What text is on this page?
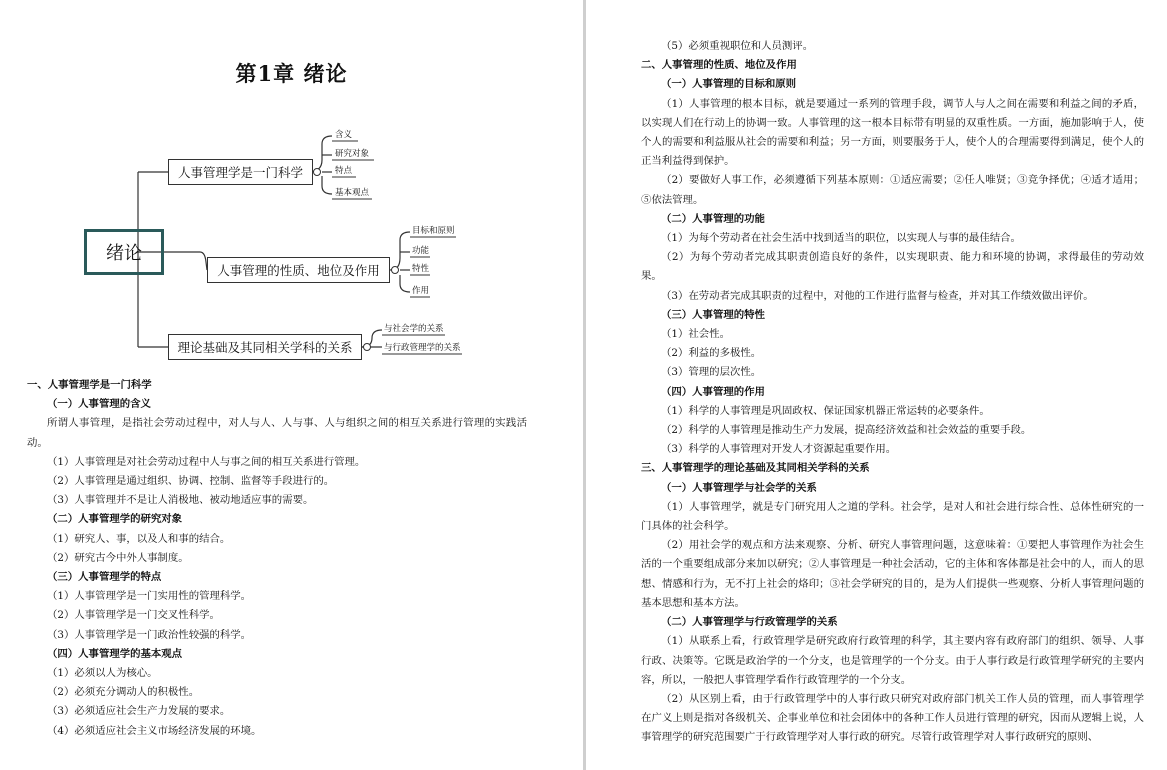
第1章 绪论
绪论
人事管理学是一门科学
人事管理的性质、地位及作用
理论基础及其同相关学科的关系
含义
研究对象
特点
基本观点
目标和原则
功能
特性
作用
与社会学的关系
与行政管理学的关系

一、人事管理学是一门科学

（一）人事管理的含义

所谓人事管理，是指社会劳动过程中，对人与人、人与事、人与组织之间的相互关系进行管理的实践活动。

（1）人事管理是对社会劳动过程中人与事之间的相互关系进行管理。

（2）人事管理是通过组织、协调、控制、监督等手段进行的。

（3）人事管理并不是让人消极地、被动地适应事的需要。

（二）人事管理学的研究对象

（1）研究人、事，以及人和事的结合。

（2）研究古今中外人事制度。

（三）人事管理学的特点

（1）人事管理学是一门实用性的管理科学。

（2）人事管理学是一门交叉性科学。

（3）人事管理学是一门政治性较强的科学。

（四）人事管理学的基本观点

（1）必须以人为核心。

（2）必须充分调动人的积极性。

（3）必须适应社会生产力发展的要求。

（4）必须适应社会主义市场经济发展的环境。

（5）必须重视职位和人员测评。

二、人事管理的性质、地位及作用

（一）人事管理的目标和原则

（1）人事管理的根本目标，就是要通过一系列的管理手段，调节人与人之间在需要和利益之间的矛盾，以实现人们在行动上的协调一致。人事管理的这一根本目标带有明显的双重性质。一方面，施加影响于人，使个人的需要和利益服从社会的需要和利益；另一方面，则要服务于人，使个人的合理需要得到满足，使个人的正当利益得到保护。

（2）要做好人事工作，必须遵循下列基本原则：①适应需要；②任人唯贤；③竞争择优；④适才适用；⑤依法管理。

（二）人事管理的功能

（1）为每个劳动者在社会生活中找到适当的职位，以实现人与事的最佳结合。

（2）为每个劳动者完成其职责创造良好的条件，以实现职责、能力和环境的协调，求得最佳的劳动效果。

（3）在劳动者完成其职责的过程中，对他的工作进行监督与检查，并对其工作绩效做出评价。

（三）人事管理的特性

（1）社会性。

（2）利益的多极性。

（3）管理的层次性。

（四）人事管理的作用

（1）科学的人事管理是巩固政权、保证国家机器正常运转的必要条件。

（2）科学的人事管理是推动生产力发展，提高经济效益和社会效益的重要手段。

（3）科学的人事管理对开发人才资源起重要作用。

三、人事管理学的理论基础及其同相关学科的关系

（一）人事管理学与社会学的关系

（1）人事管理学，就是专门研究用人之道的学科。社会学，是对人和社会进行综合性、总体性研究的一门具体的社会科学。

（2）用社会学的观点和方法来观察、分析、研究人事管理问题，这意味着：①要把人事管理作为社会生活的一个重要组成部分来加以研究；②人事管理是一种社会活动，它的主体和客体都是社会中的人，而人的思想、情感和行为，无不打上社会的烙印；③社会学研究的目的，是为人们提供一些观察、分析人事管理问题的基本思想和基本方法。

（二）人事管理学与行政管理学的关系

（1）从联系上看，行政管理学是研究政府行政管理的科学，其主要内容有政府部门的组织、领导、人事行政、决策等。它既是政治学的一个分支，也是管理学的一个分支。由于人事行政是行政管理学研究的主要内容，所以，一般把人事管理学看作行政管理学的一个分支。

（2）从区别上看，由于行政管理学中的人事行政只研究对政府部门机关工作人员的管理，而人事管理学在广义上则是指对各级机关、企事业单位和社会团体中的各种工作人员进行管理的研究，因而从逻辑上说，人事管理学的研究范围要广于行政管理学对人事行政的研究。尽管行政管理学对人事行政研究的原则、
